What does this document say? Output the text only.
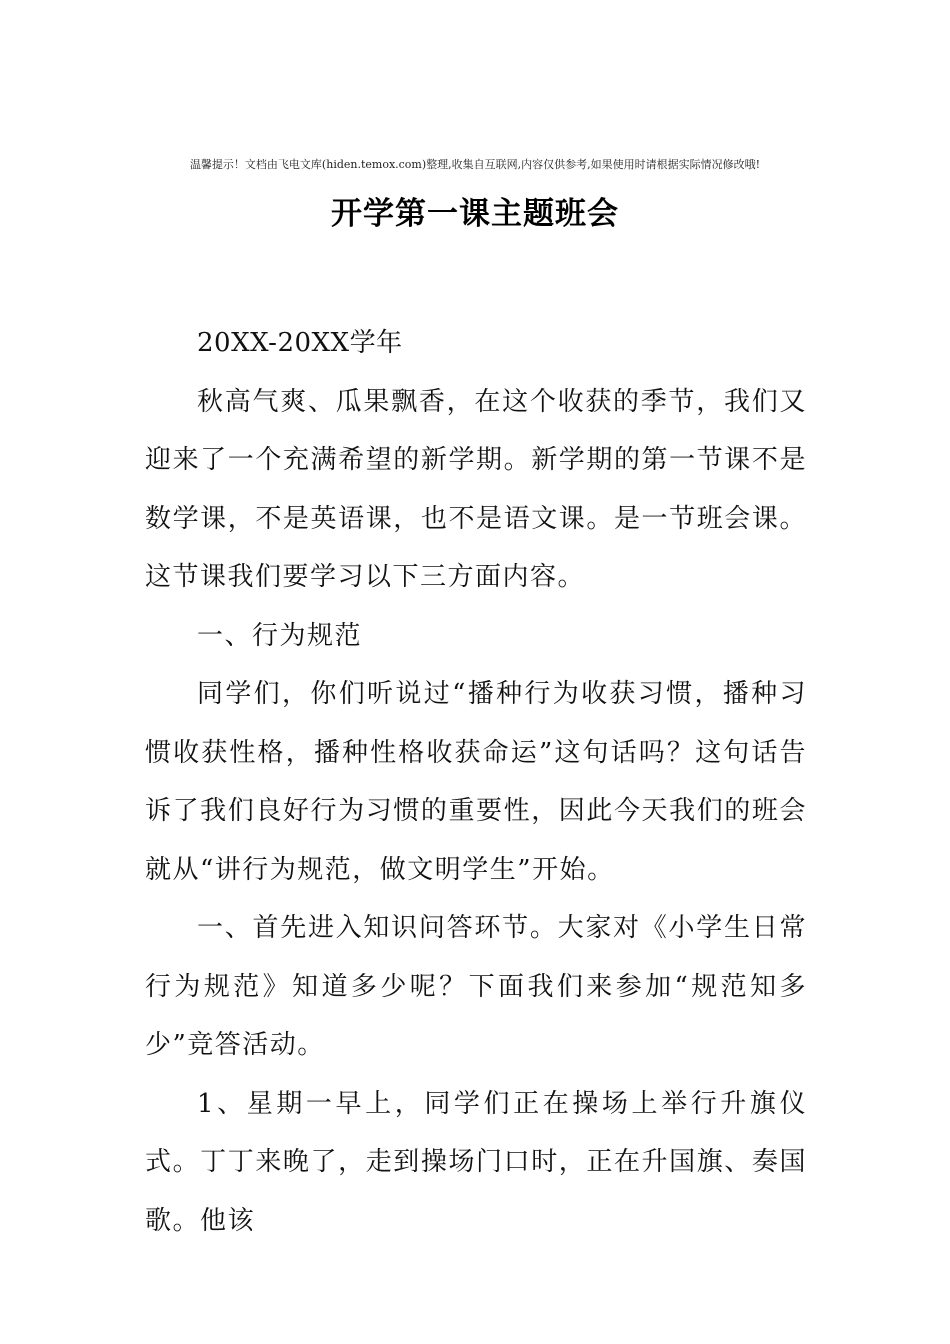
温馨提示！文档由飞电文库(hiden.temox.com)整理,收集自互联网,内容仅供参考,如果使用时请根据实际情况修改哦!
开学第一课主题班会

20XX-20XX学年

秋高气爽、瓜果飘香，在这个收获的季节，我们又迎来了一个充满希望的新学期。新学期的第一节课不是数学课，不是英语课，也不是语文课。是一节班会课。这节课我们要学习以下三方面内容。

一、行为规范

同学们，你们听说过“播种行为收获习惯，播种习惯收获性格，播种性格收获命运”这句话吗？这句话告诉了我们良好行为习惯的重要性，因此今天我们的班会就从“讲行为规范，做文明学生”开始。

一、首先进入知识问答环节。大家对《小学生日常行为规范》知道多少呢？下面我们来参加“规范知多少”竞答活动。

1、星期一早上，同学们正在操场上举行升旗仪式。丁丁来晚了，走到操场门口时，正在升国旗、奏国歌。他该
